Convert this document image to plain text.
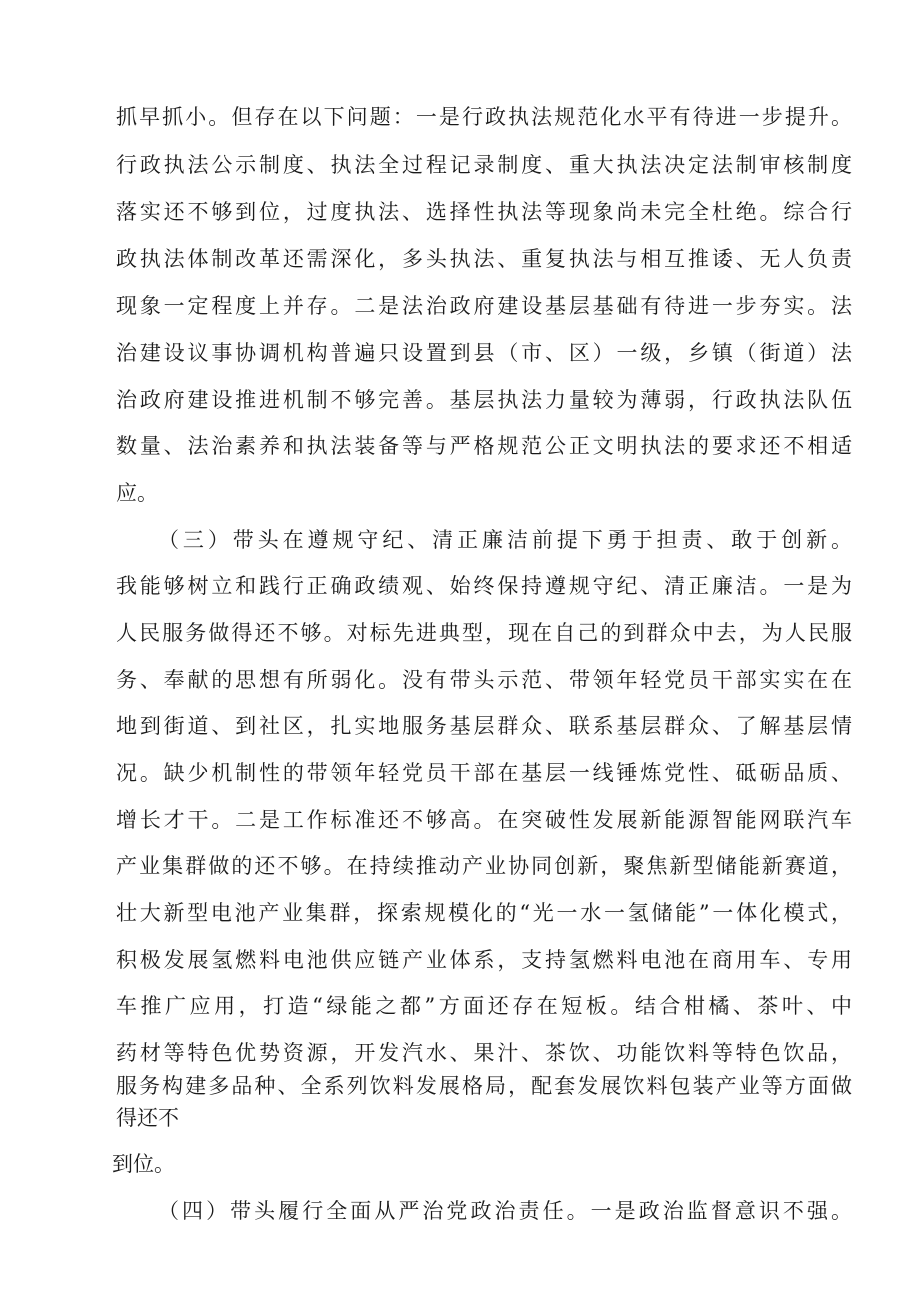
抓早抓小。但存在以下问题：一是行政执法规范化水平有待进一步提升。
行政执法公示制度、执法全过程记录制度、重大执法决定法制审核制度
落实还不够到位，过度执法、选择性执法等现象尚未完全杜绝。综合行
政执法体制改革还需深化，多头执法、重复执法与相互推诿、无人负责
现象一定程度上并存。二是法治政府建设基层基础有待进一步夯实。法
治建设议事协调机构普遍只设置到县（市、区）一级，乡镇（街道）法
治政府建设推进机制不够完善。基层执法力量较为薄弱，行政执法队伍
数量、法治素养和执法装备等与严格规范公正文明执法的要求还不相适
应。
（三）带头在遵规守纪、清正廉洁前提下勇于担责、敢于创新。
我能够树立和践行正确政绩观、始终保持遵规守纪、清正廉洁。一是为
人民服务做得还不够。对标先进典型，现在自己的到群众中去，为人民服
务、奉献的思想有所弱化。没有带头示范、带领年轻党员干部实实在在
地到街道、到社区，扎实地服务基层群众、联系基层群众、了解基层情
况。缺少机制性的带领年轻党员干部在基层一线锤炼党性、砥砺品质、
增长才干。二是工作标准还不够高。在突破性发展新能源智能网联汽车
产业集群做的还不够。在持续推动产业协同创新，聚焦新型储能新赛道，
壮大新型电池产业集群，探索规模化的“光一水一氢储能”一体化模式，
积极发展氢燃料电池供应链产业体系，支持氢燃料电池在商用车、专用
车推广应用，打造“绿能之都”方面还存在短板。结合柑橘、茶叶、中
药材等特色优势资源，开发汽水、果汁、茶饮、功能饮料等特色饮品，
服务构建多品种、全系列饮料发展格局，配套发展饮料包装产业等方面做
得还不
到位。
（四）带头履行全面从严治党政治责任。一是政治监督意识不强。
